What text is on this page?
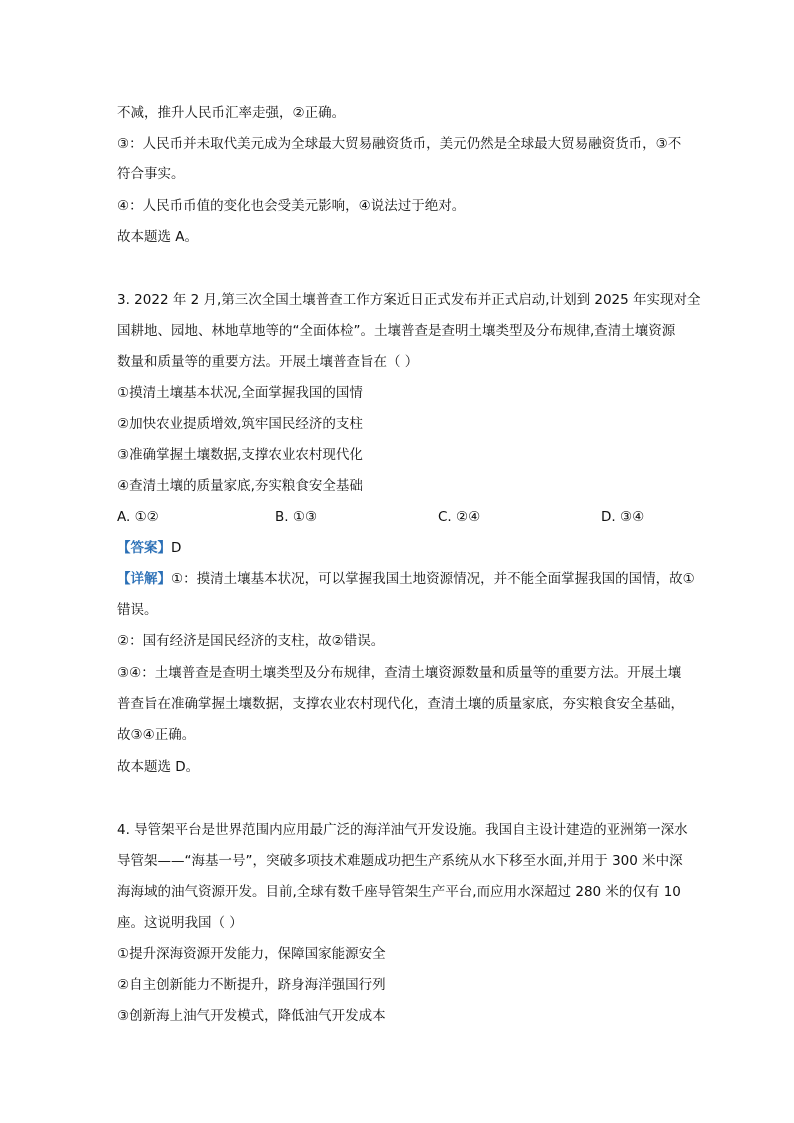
不减，推升人民币汇率走强，②正确。
③：人民币并未取代美元成为全球最大贸易融资货币，美元仍然是全球最大贸易融资货币，③不
符合事实。
④：人民币币值的变化也会受美元影响，④说法过于绝对。
故本题选 A。
3. 2022 年 2 月,第三次全国土壤普查工作方案近日正式发布并正式启动,计划到 2025 年实现对全
国耕地、园地、林地草地等的“全面体检”。土壤普查是查明土壤类型及分布规律,查清土壤资源
数量和质量等的重要方法。开展土壤普查旨在（ ）
①摸清土壤基本状况,全面掌握我国的国情
②加快农业提质增效,筑牢国民经济的支柱
③准确掌握土壤数据,支撑农业农村现代化
④查清土壤的质量家底,夯实粮食安全基础
A. ①②	B. ①③	C. ②④	D. ③④
【答案】D
【详解】①：摸清土壤基本状况，可以掌握我国土地资源情况，并不能全面掌握我国的国情，故①
错误。
②：国有经济是国民经济的支柱，故②错误。
③④：土壤普查是查明土壤类型及分布规律，查清土壤资源数量和质量等的重要方法。开展土壤
普查旨在准确掌握土壤数据，支撑农业农村现代化，查清土壤的质量家底，夯实粮食安全基础，
故③④正确。
故本题选 D。
4. 导管架平台是世界范围内应用最广泛的海洋油气开发设施。我国自主设计建造的亚洲第一深水
导管架——“海基一号”，突破多项技术难题成功把生产系统从水下移至水面,并用于 300 米中深
海海域的油气资源开发。目前,全球有数千座导管架生产平台,而应用水深超过 280 米的仅有 10
座。这说明我国（ ）
①提升深海资源开发能力，保障国家能源安全
②自主创新能力不断提升，跻身海洋强国行列
③创新海上油气开发模式，降低油气开发成本
